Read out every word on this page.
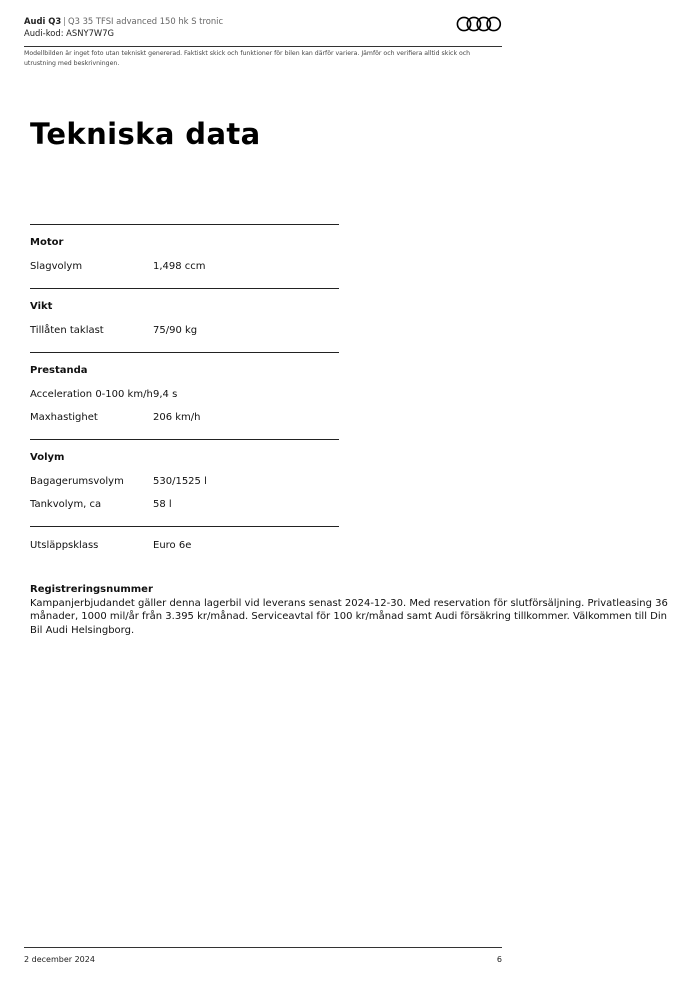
Audi Q3 | Q3 35 TFSI advanced 150 hk S tronic
Audi-kod: ASNY7W7G
Modellbilden är inget foto utan tekniskt genererad. Faktiskt skick och funktioner för bilen kan därför variera. Jämför och verifiera alltid skick och utrustning med beskrivningen.
Tekniska data
Motor
Slagvolym	1,498 ccm
Vikt
Tillåten taklast	75/90 kg
Prestanda
Acceleration 0-100 km/h 9,4 s
Maxhastighet	206 km/h
Volym
Bagagerumsvolym	530/1525 l
Tankvolym, ca	58 l
Utsläppsklass	Euro 6e
Registreringsnummer
Kampanjerbjudandet gäller denna lagerbil vid leverans senast 2024-12-30. Med reservation för slutförsäljning. Privatleasing 36 månader, 1000 mil/år från 3.395 kr/månad. Serviceavtal för 100 kr/månad samt Audi försäkring tillkommer. Välkommen till Din Bil Audi Helsingborg.
2 december 2024	6
